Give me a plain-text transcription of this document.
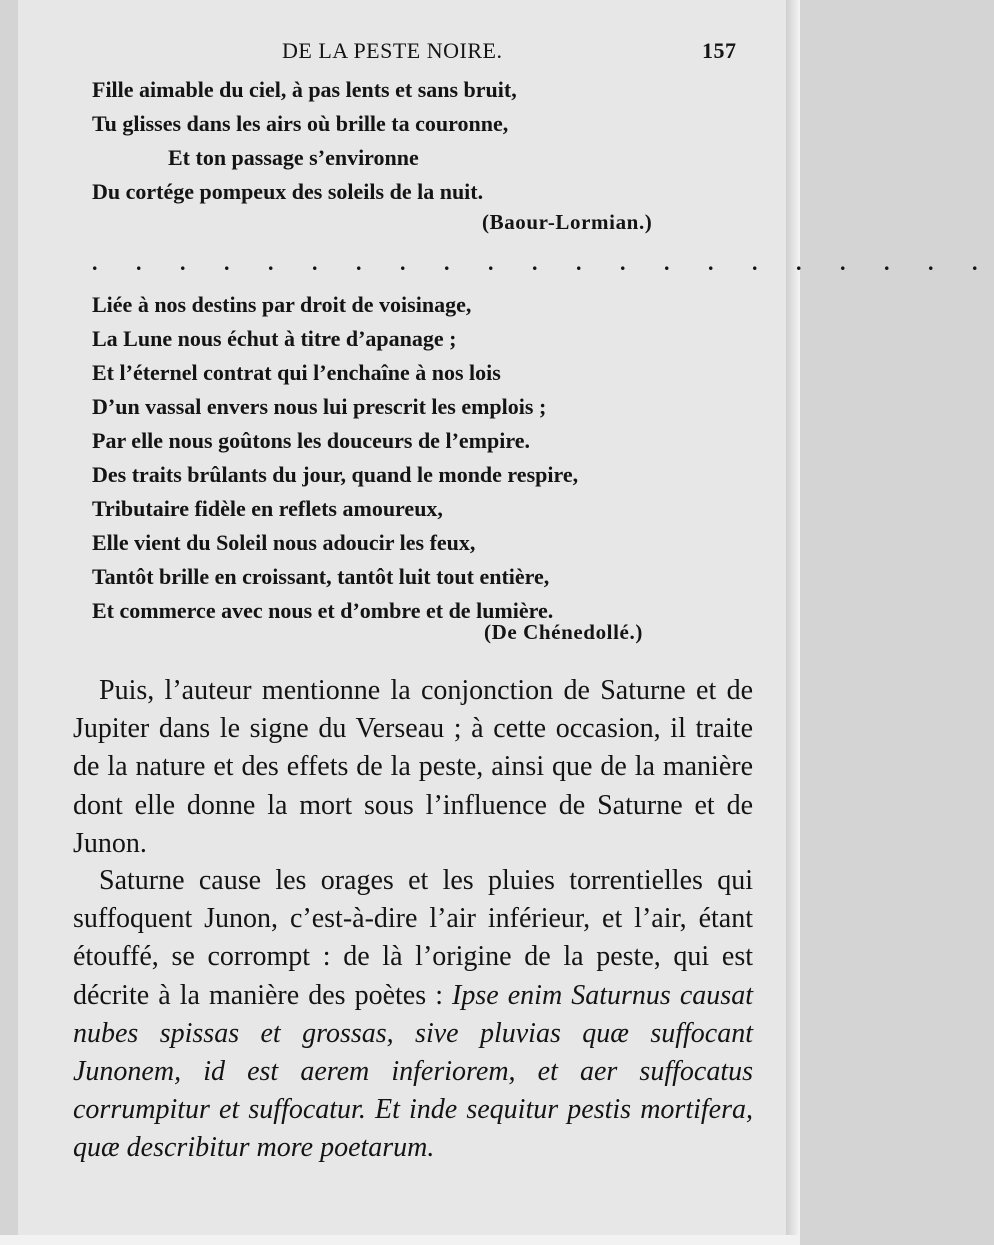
DE LA PESTE NOIRE.	157
Fille aimable du ciel, à pas lents et sans bruit,
Tu glisses dans les airs où brille ta couronne,
Et ton passage s’environne
Du cortége pompeux des soleils de la nuit.
(Baour-Lormian.)
. . . . . . . . . . . . . . . . . . . . .
Liée à nos destins par droit de voisinage,
La Lune nous échut à titre d’apanage ;
Et l’éternel contrat qui l’enchaîne à nos lois
D’un vassal envers nous lui prescrit les emplois ;
Par elle nous goûtons les douceurs de l’empire.
Des traits brûlants du jour, quand le monde respire,
Tributaire fidèle en reflets amoureux,
Elle vient du Soleil nous adoucir les feux,
Tantôt brille en croissant, tantôt luit tout entière,
Et commerce avec nous et d’ombre et de lumière.
(De Chénedollé.)
Puis, l’auteur mentionne la conjonction de Saturne et de Jupiter dans le signe du Verseau ; à cette occasion, il traite de la nature et des effets de la peste, ainsi que de la manière dont elle donne la mort sous l’influence de Saturne et de Junon.
Saturne cause les orages et les pluies torrentielles qui suffoquent Junon, c’est-à-dire l’air inférieur, et l’air, étant étouffé, se corrompt : de là l’origine de la peste, qui est décrite à la manière des poètes : Ipse enim Saturnus causat nubes spissas et grossas, sive pluvias quæ suffocant Junonem, id est aerem inferiorem, et aer suffocatus corrumpitur et suffocatur. Et inde sequitur pestis mortifera, quæ describitur more poetarum.
